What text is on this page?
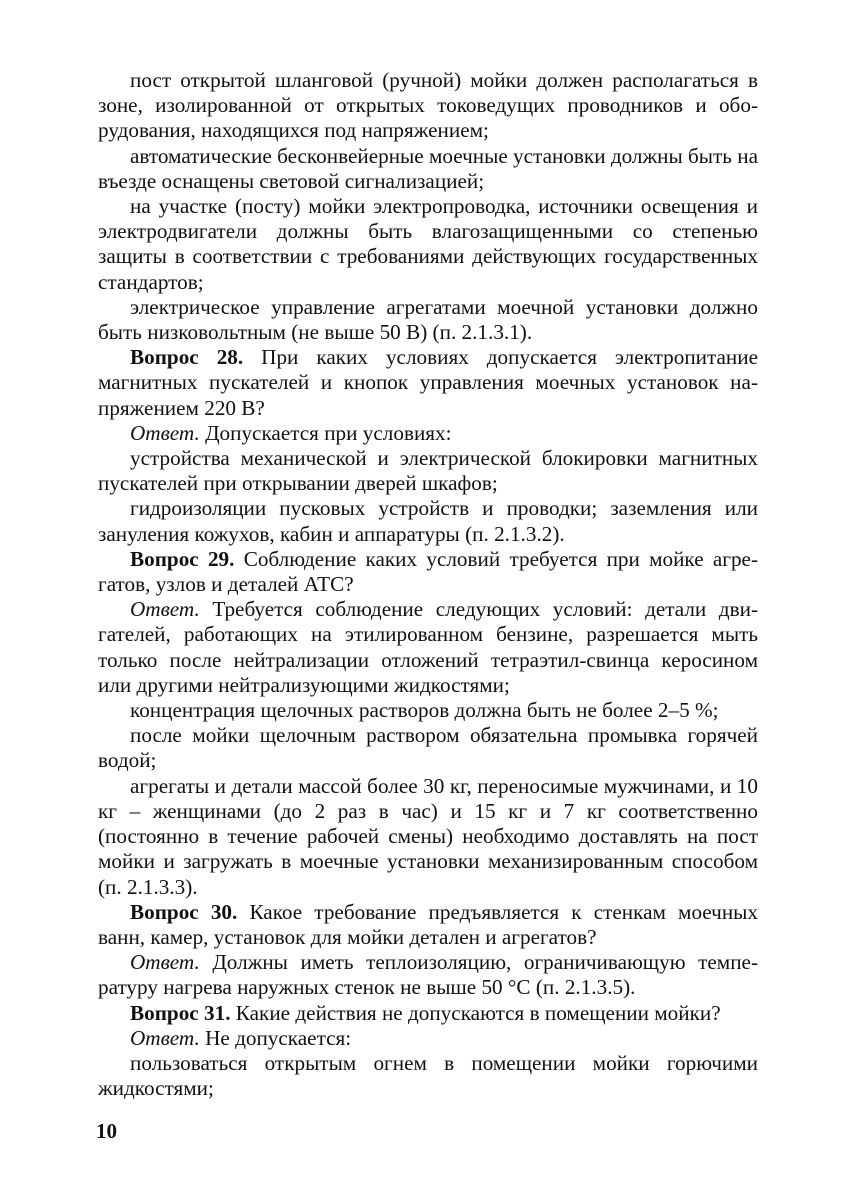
пост открытой шланговой (ручной) мойки должен располагаться в зоне, изолированной от открытых токоведущих проводников и оборудования, находящихся под напряжением;

автоматические бесконвейерные моечные установки должны быть на въезде оснащены световой сигнализацией;

на участке (посту) мойки электропроводка, источники освещения и электродвигатели должны быть влагозащищенными со степенью защиты в соответствии с требованиями действующих государственных стандартов;

электрическое управление агрегатами моечной установки должно быть низковольтным (не выше 50 В) (п. 2.1.3.1).

Вопрос 28. При каких условиях допускается электропитание магнитных пускателей и кнопок управления моечных установок напряжением 220 В?

Ответ. Допускается при условиях:

устройства механической и электрической блокировки магнитных пускателей при открывании дверей шкафов;

гидроизоляции пусковых устройств и проводки; заземления или зануления кожухов, кабин и аппаратуры (п. 2.1.3.2).

Вопрос 29. Соблюдение каких условий требуется при мойке агрегатов, узлов и деталей АТС?

Ответ. Требуется соблюдение следующих условий: детали двигателей, работающих на этилированном бензине, разрешается мыть только после нейтрализации отложений тетраэтил-свинца керосином или другими нейтрализующими жидкостями;

концентрация щелочных растворов должна быть не более 2–5 %;

после мойки щелочным раствором обязательна промывка горячей водой;

агрегаты и детали массой более 30 кг, переносимые мужчинами, и 10 кг – женщинами (до 2 раз в час) и 15 кг и 7 кг соответственно (постоянно в течение рабочей смены) необходимо доставлять на пост мойки и загружать в моечные установки механизированным способом (п. 2.1.3.3).

Вопрос 30. Какое требование предъявляется к стенкам моечных ванн, камер, установок для мойки детален и агрегатов?

Ответ. Должны иметь теплоизоляцию, ограничивающую температуру нагрева наружных стенок не выше 50 °С (п. 2.1.3.5).

Вопрос 31. Какие действия не допускаются в помещении мойки?

Ответ. Не допускается:

пользоваться открытым огнем в помещении мойки горючими жидкостями;

10
